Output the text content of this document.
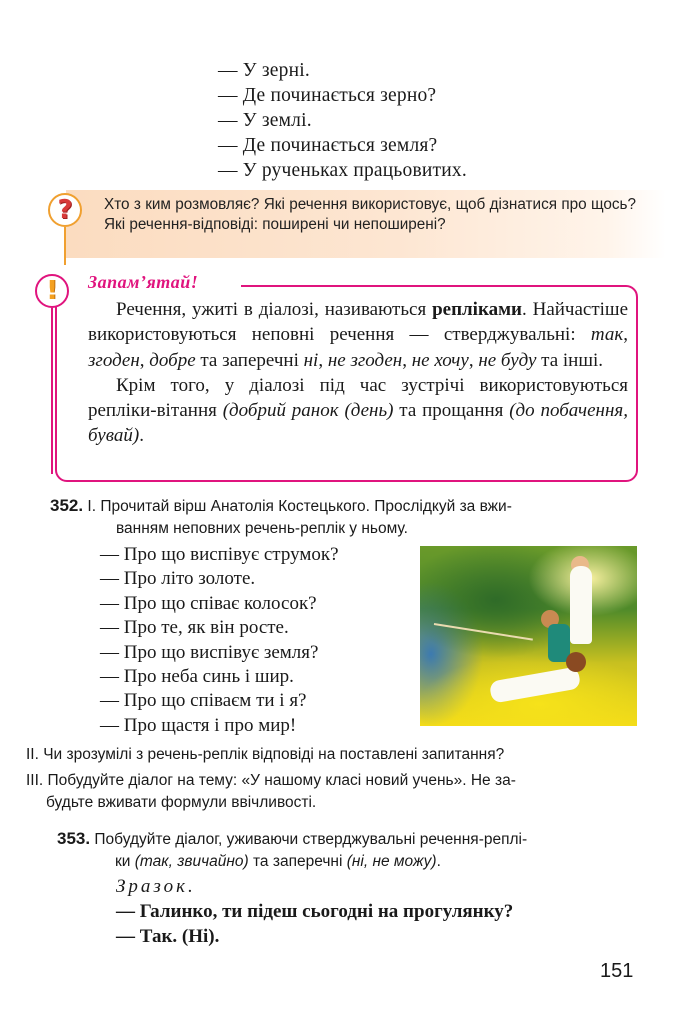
— У зерні.
— Де починається зерно?
— У землі.
— Де починається земля?
— У рученьках працьовитих.
? Хто з ким розмовляє? Які речення використовує, щоб дізнатися про щось? Які речення-відповіді: поширені чи непоширені?
! Запам’ятай!

Речення, ужиті в діалозі, називаються репліками. Найчастіше використовуються неповні речення — стверджувальні: так, згоден, добре та заперечні ні, не згоден, не хочу, не буду та інші.

Крім того, у діалозі під час зустрічі використовуються репліки-вітання (добрий ранок (день) та прощання (до побачення, бувай).

352. І. Прочитай вірш Анатолія Костецького. Прослідкуй за вжи-
ванням неповних речень-реплік у ньому.
— Про що виспівує струмок?
— Про літо золоте.
— Про що співає колосок?
— Про те, як він росте.
— Про що виспівує земля?
— Про неба синь і шир.
— Про що співаєм ти і я?
— Про щастя і про мир!
ІІ. Чи зрозумілі з речень-реплік відповіді на поставлені запитання?
ІІІ. Побудуйте діалог на тему: «У нашому класі новий учень». Не за-
будьте вживати формули ввічливості.
353. Побудуйте діалог, уживаючи стверджувальні речення-реплі-
ки (так, звичайно) та заперечні (ні, не можу).
Зразок.
— Галинко, ти підеш сьогодні на прогулянку?
— Так. (Ні).
151
